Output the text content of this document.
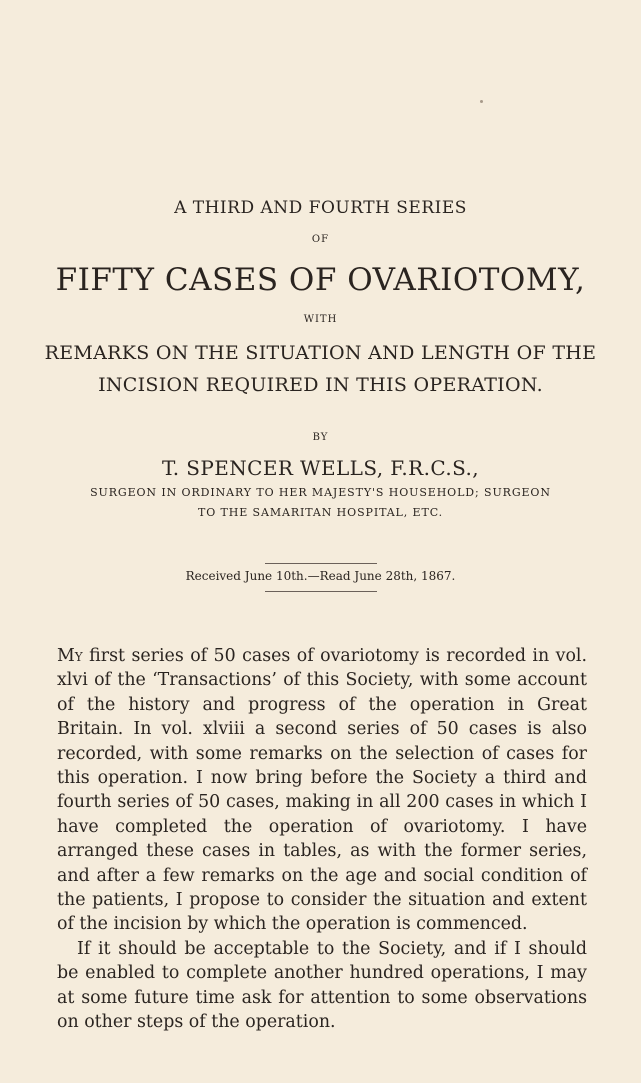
A THIRD AND FOURTH SERIES
OF
FIFTY CASES OF OVARIOTOMY,
WITH
REMARKS ON THE SITUATION AND LENGTH OF THE
INCISION REQUIRED IN THIS OPERATION.
BY
T. SPENCER WELLS, F.R.C.S.,
SURGEON IN ORDINARY TO HER MAJESTY'S HOUSEHOLD; SURGEON
TO THE SAMARITAN HOSPITAL, ETC.
Received June 10th.—Read June 28th, 1867.

My first series of 50 cases of ovariotomy is recorded in vol. xlvi of the ‘Transactions’ of this Society, with some account of the history and progress of the operation in Great Britain. In vol. xlviii a second series of 50 cases is also recorded, with some remarks on the selection of cases for this operation. I now bring before the Society a third and fourth series of 50 cases, making in all 200 cases in which I have completed the operation of ovariotomy. I have arranged these cases in tables, as with the former series, and after a few remarks on the age and social condition of the patients, I propose to consider the situation and extent of the incision by which the operation is commenced.

If it should be acceptable to the Society, and if I should be enabled to complete another hundred operations, I may at some future time ask for attention to some observations on other steps of the operation.
